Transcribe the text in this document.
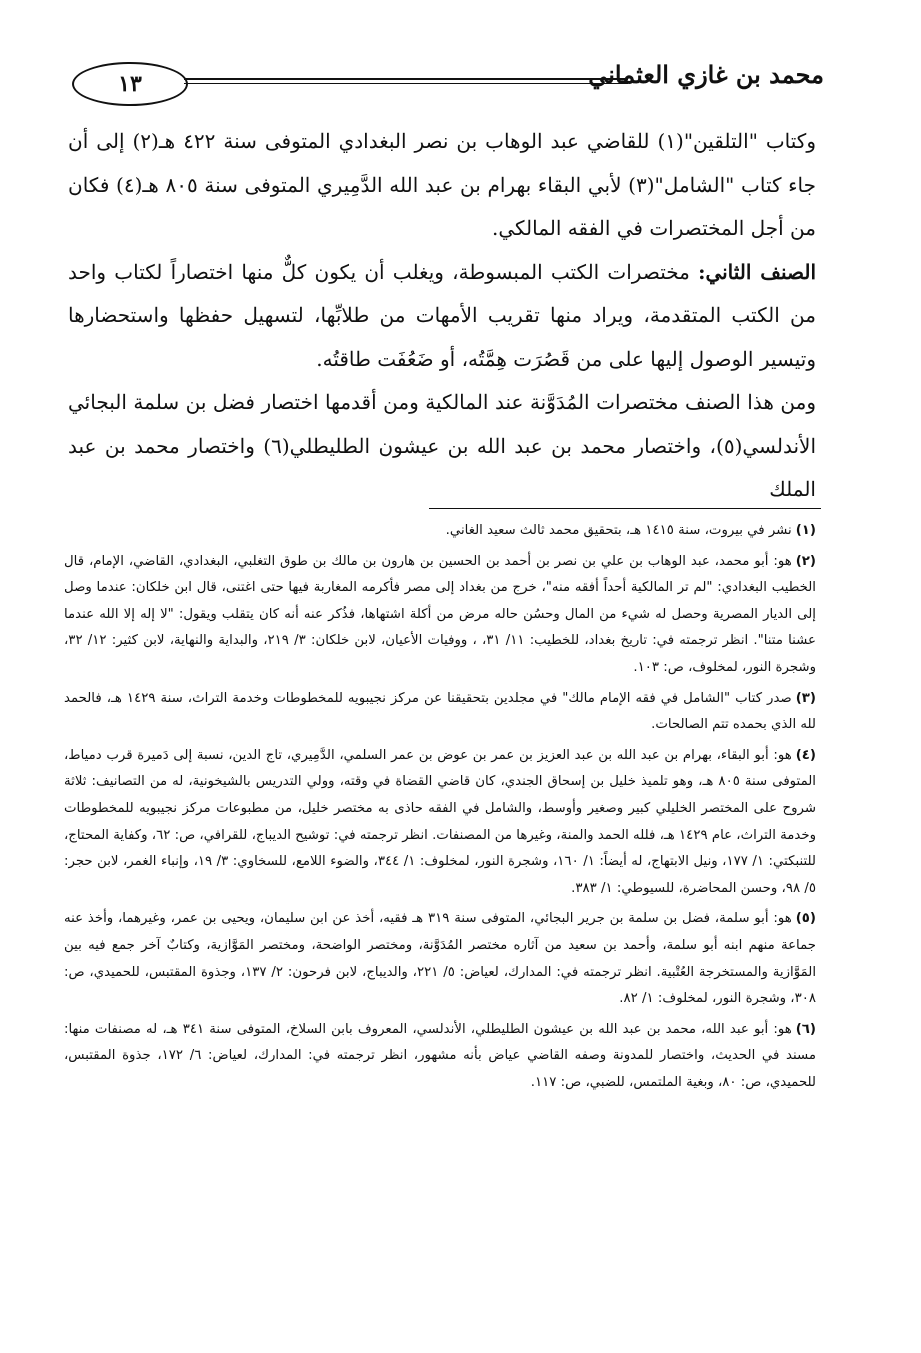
١٣	محمد بن غازي العثماني

وكتاب "التلقين"(١) للقاضي عبد الوهاب بن نصر البغدادي المتوفى سنة ٤٢٢ هـ(٢) إلى أن جاء كتاب "الشامل"(٣) لأبي البقاء بهرام بن عبد الله الدَّمِيري المتوفى سنة ٨٠٥ هـ(٤) فكان من أجل المختصرات في الفقه المالكي.

الصنف الثاني: مختصرات الكتب المبسوطة، ويغلب أن يكون كلٌّ منها اختصاراً لكتاب واحد من الكتب المتقدمة، ويراد منها تقريب الأمهات من طلابِّها، لتسهيل حفظها واستحضارها وتيسير الوصول إليها على من قَصُرَت هِمَّتُه، أو ضَعُفَت طاقتُه.

ومن هذا الصنف مختصرات المُدَوَّنة عند المالكية ومن أقدمها اختصار فضل بن سلمة البجائي الأندلسي(٥)، واختصار محمد بن عبد الله بن عيشون الطليطلي(٦) واختصار محمد بن عبد الملك

(١)نشر في بيروت، سنة ١٤١٥ هـ، بتحقيق محمد ثالث سعيد الغاني.

(٢)هو: أبو محمد، عبد الوهاب بن علي بن نصر بن أحمد بن الحسين بن هارون بن مالك بن طوق التغلبي، البغدادي، القاضي، الإمام، قال الخطيب البغدادي: "لم تر المالكية أحداً أفقه منه"، خرج من بغداد إلى مصر فأكرمه المغاربة فيها حتى اغتنى، قال ابن خلكان: عندما وصل إلى الديار المصرية وحصل له شيء من المال وحسُن حاله مرض من أكلة اشتهاها، فذُكر عنه أنه كان يتقلب ويقول: "لا إله إلا الله عندما عشنا متنا". انظر ترجمته في: تاريخ بغداد، للخطيب: ١١/ ٣١، ، ووفيات الأعيان، لابن خلكان: ٣/ ٢١٩، والبداية والنهاية، لابن كثير: ١٢/ ٣٢، وشجرة النور، لمخلوف، ص: ١٠٣.

(٣)صدر كتاب "الشامل في فقه الإمام مالك" في مجلدين بتحقيقنا عن مركز نجيبويه للمخطوطات وخدمة التراث، سنة ١٤٢٩ هـ، فالحمد لله الذي بحمده تتم الصالحات.

(٤)هو: أبو البقاء، بهرام بن عبد الله بن عبد العزيز بن عمر بن عوض بن عمر السلمي، الدَّمِيري، تاج الدين، نسبة إلى دَميرة قرب دمياط، المتوفى سنة ٨٠٥ هـ، وهو تلميذ خليل بن إسحاق الجندي، كان قاضي القضاة في وقته، وولي التدريس بالشيخونية، له من التصانيف: ثلاثة شروح على المختصر الخليلي كبير وصغير وأوسط، والشامل في الفقه حاذى به مختصر خليل، من مطبوعات مركز نجيبويه للمخطوطات وخدمة التراث، عام ١٤٢٩ هـ، فلله الحمد والمنة، وغيرها من المصنفات. انظر ترجمته في: توشيح الديباج، للقرافي، ص: ٦٢، وكفاية المحتاج، للتنبكتي: ١/ ١٧٧، ونيل الابتهاج، له أيضاً: ١/ ١٦٠، وشجرة النور، لمخلوف: ١/ ٣٤٤، والضوء اللامع، للسخاوي: ٣/ ١٩، وإنباء الغمر، لابن حجر: ٥/ ٩٨، وحسن المحاضرة، للسيوطي: ١/ ٣٨٣.

(٥)هو: أبو سلمة، فضل بن سلمة بن جرير البجائي، المتوفى سنة ٣١٩ هـ فقيه، أخذ عن ابن سليمان، ويحيى بن عمر، وغيرهما، وأخذ عنه جماعة منهم ابنه أبو سلمة، وأحمد بن سعيد من آثاره مختصر المُدَوَّنة، ومختصر الواضحة، ومختصر المَوَّازية، وكتابٌ آخر جمع فيه بين المَوَّازية والمستخرجة العُتْبية. انظر ترجمته في: المدارك، لعياض: ٥/ ٢٢١، والديباج، لابن فرحون: ٢/ ١٣٧، وجذوة المقتبس، للحميدي، ص: ٣٠٨، وشجرة النور، لمخلوف: ١/ ٨٢.

(٦)هو: أبو عبد الله، محمد بن عبد الله بن عيشون الطليطلي، الأندلسي، المعروف بابن السلاخ، المتوفى سنة ٣٤١ هـ، له مصنفات منها: مسند في الحديث، واختصار للمدونة وصفه القاضي عياض بأنه مشهور، انظر ترجمته في: المدارك، لعياض: ٦/ ١٧٢، جذوة المقتبس، للحميدي، ص: ٨٠، وبغية الملتمس، للضبي، ص: ١١٧.
